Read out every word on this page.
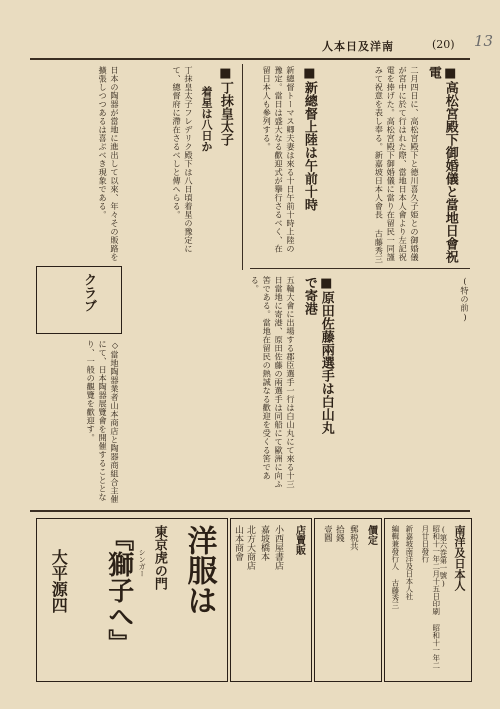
人本日及洋南	(20) 13
■高松宮殿下御婚儀と當地日會祝電
二月四日に、高松宮殿下と德川喜久子姫との御婚儀が宮中に於て行はれた際、當地日本人會より左記祝電を捧げた。高松宮殿下御婚儀に當り在留民一同謹みて祝意を表し奉る。新嘉坡日本人會長 古藤秀三
■新總督上陸は午前十時
新總督トーマス卿夫妻は來る十日午前十時上陸の豫定。當日は盛大なる歡迎式が擧行さるべく、在留日本人も參列する。
■丁抹皇太子
着星は八日か
丁抹皇太子フレデリク殿下は八日頃着星の豫定にて、總督府に滯在さるべしと傳へらる。
クラブ
日本の陶器が當地に進出して以來、年々その販路を擴張しつつあるは喜ぶべき現象である。
◇當地陶器業者山本商店と陶器商組合主催にて、日本陶器展覽會を開催することとなり、一般の觀覽を歡迎す。	■原田佐藤兩選手は白山丸で寄港
五輪大會に出場する郡臣選手一行は白山丸にて來る十三日當地に寄港、原田佐藤の兩選手は同船にて歐洲に向ふ筈である。當地在留民の熱誠なる歡迎を受くる筈である。	(特の前)
洋服は
東京虎の門
シンガー
『獅子へ』
大平源四
店賣販
小西屋書店
嘉坡橋本
北方大商店
山本商會	價定
郵税共
拾錢
壹圓	南洋及日本人
(第六巻第一號)
昭和十一年二月十五日印刷 昭和十一年二月廿日發行
新嘉坡南洋及日本人社
編輯兼發行人 古藤秀三
